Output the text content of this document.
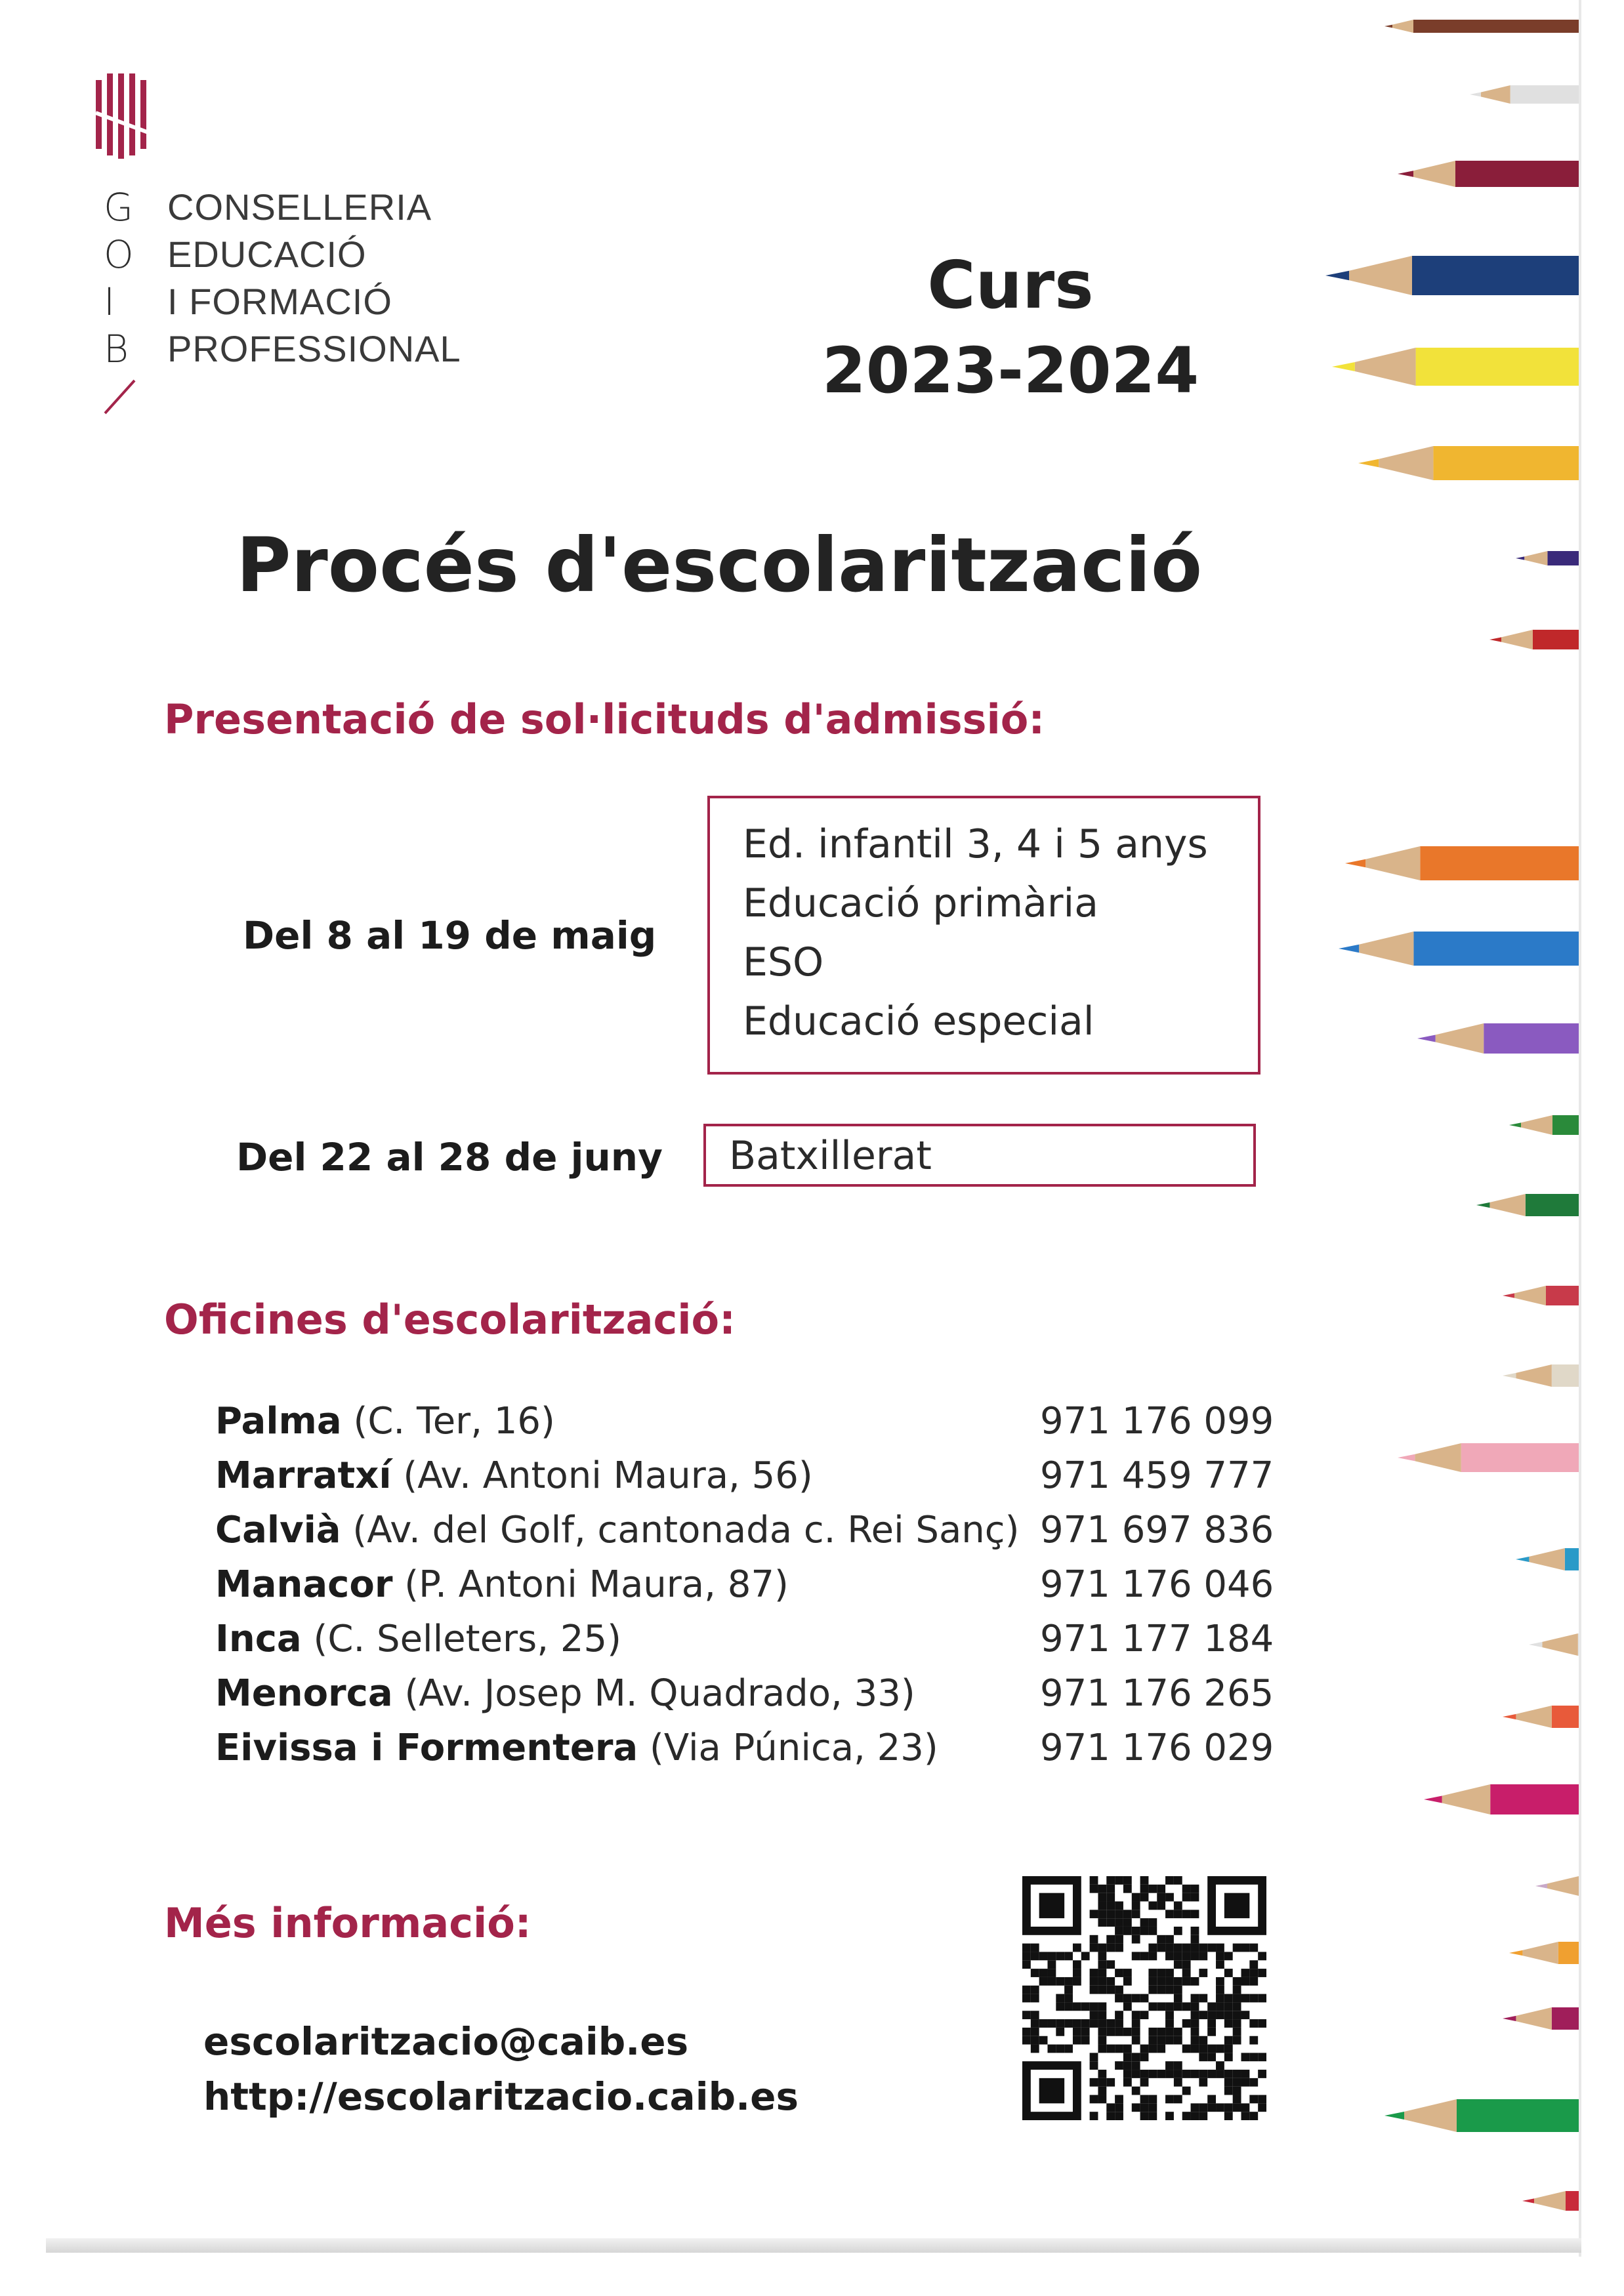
G
O
I
B
CONSELLERIA
EDUCACIÓ
I FORMACIÓ
PROFESSIONAL
Curs
2023-2024
Procés d'escolarització
Presentació de sol·licituds d'admissió:
Del 8 al 19 de maig
Ed. infantil 3, 4 i 5 anys
Educació primària
ESO
Educació especial
Del 22 al 28 de juny Batxillerat
Oficines d'escolarització:
Palma (C. Ter, 16)
Marratxí (Av. Antoni Maura, 56)
Calvià (Av. del Golf, cantonada c. Rei Sanç)
Manacor (P. Antoni Maura, 87)
Inca (C. Selleters, 25)
Menorca (Av. Josep M. Quadrado, 33)
Eivissa i Formentera (Via Púnica, 23)
971 176 099
971 459 777
971 697 836
971 176 046
971 177 184
971 176 265
971 176 029
Més informació:
escolaritzacio@caib.es
http://escolaritzacio.caib.es
